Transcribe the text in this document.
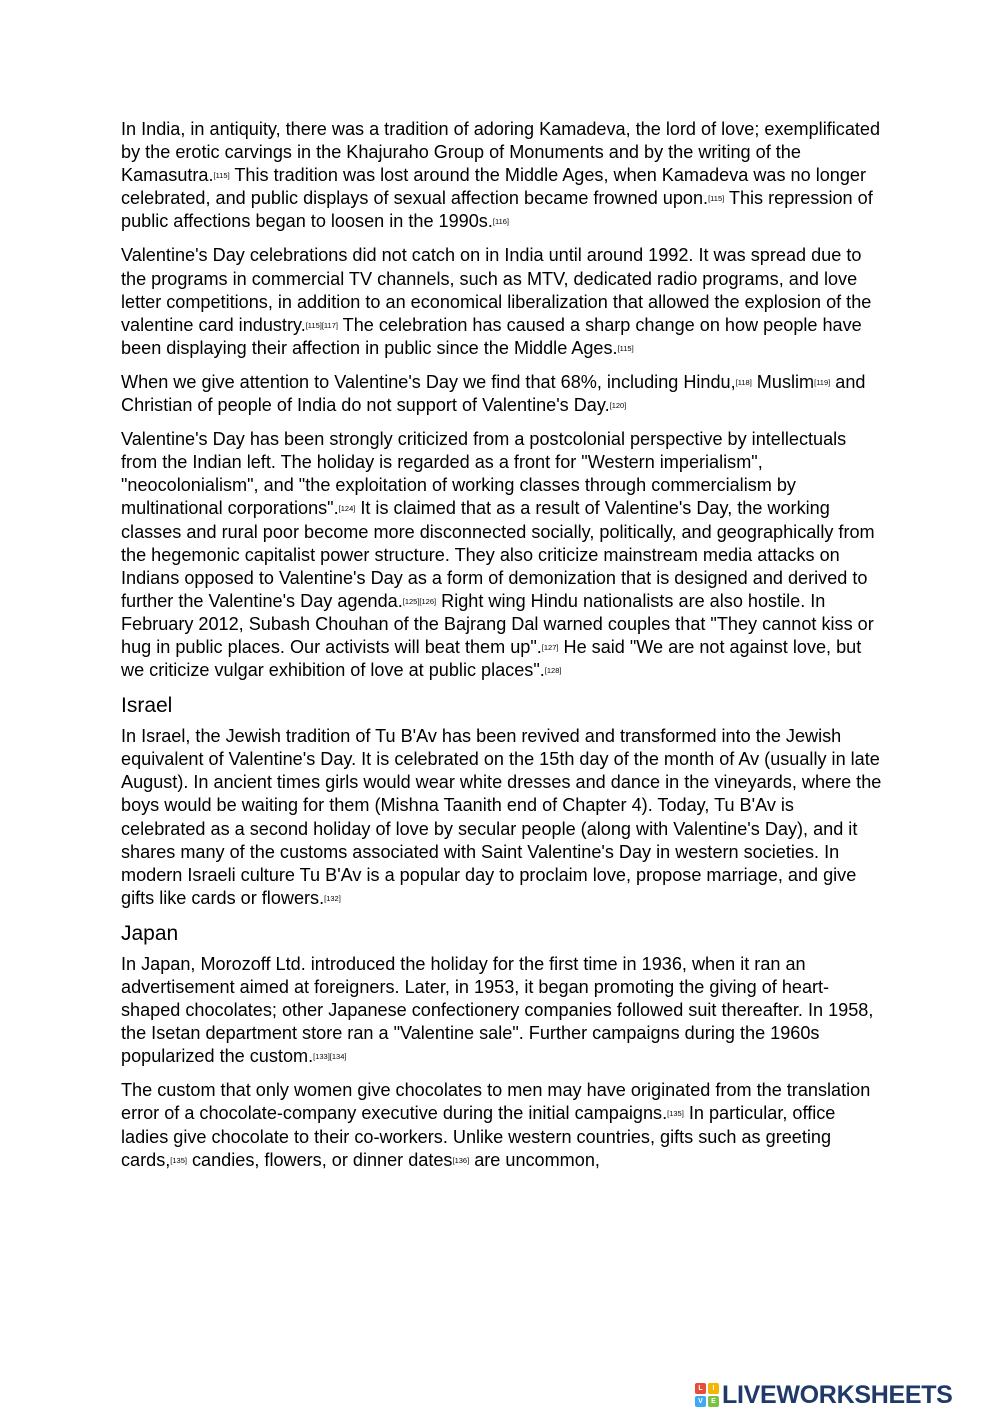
In India, in antiquity, there was a tradition of adoring Kamadeva, the lord of love; exemplificated by the erotic carvings in the Khajuraho Group of Monuments and by the writing of the Kamasutra.[115] This tradition was lost around the Middle Ages, when Kamadeva was no longer celebrated, and public displays of sexual affection became frowned upon.[115] This repression of public affections began to loosen in the 1990s.[116]

Valentine's Day celebrations did not catch on in India until around 1992. It was spread due to the programs in commercial TV channels, such as MTV, dedicated radio programs, and love letter competitions, in addition to an economical liberalization that allowed the explosion of the valentine card industry.[115][117] The celebration has caused a sharp change on how people have been displaying their affection in public since the Middle Ages.[115]

When we give attention to Valentine's Day we find that 68%, including Hindu,[118] Muslim[119] and Christian of people of India do not support of Valentine's Day.[120]

Valentine's Day has been strongly criticized from a postcolonial perspective by intellectuals from the Indian left. The holiday is regarded as a front for "Western imperialism", "neocolonialism", and "the exploitation of working classes through commercialism by multinational corporations".[124] It is claimed that as a result of Valentine's Day, the working classes and rural poor become more disconnected socially, politically, and geographically from the hegemonic capitalist power structure. They also criticize mainstream media attacks on Indians opposed to Valentine's Day as a form of demonization that is designed and derived to further the Valentine's Day agenda.[125][126] Right wing Hindu nationalists are also hostile. In February 2012, Subash Chouhan of the Bajrang Dal warned couples that "They cannot kiss or hug in public places. Our activists will beat them up".[127] He said "We are not against love, but we criticize vulgar exhibition of love at public places".[128]

Israel

In Israel, the Jewish tradition of Tu B'Av has been revived and transformed into the Jewish equivalent of Valentine's Day. It is celebrated on the 15th day of the month of Av (usually in late August). In ancient times girls would wear white dresses and dance in the vineyards, where the boys would be waiting for them (Mishna Taanith end of Chapter 4). Today, Tu B'Av is celebrated as a second holiday of love by secular people (along with Valentine's Day), and it shares many of the customs associated with Saint Valentine's Day in western societies. In modern Israeli culture Tu B'Av is a popular day to proclaim love, propose marriage, and give gifts like cards or flowers.[132]

Japan

In Japan, Morozoff Ltd. introduced the holiday for the first time in 1936, when it ran an advertisement aimed at foreigners. Later, in 1953, it began promoting the giving of heart-shaped chocolates; other Japanese confectionery companies followed suit thereafter. In 1958, the Isetan department store ran a "Valentine sale". Further campaigns during the 1960s popularized the custom.[133][134]

The custom that only women give chocolates to men may have originated from the translation error of a chocolate-company executive during the initial campaigns.[135] In particular, office ladies give chocolate to their co-workers. Unlike western countries, gifts such as greeting cards,[135] candies, flowers, or dinner dates[136] are uncommon,

L	I
V	E LIVEWORKSHEETS
